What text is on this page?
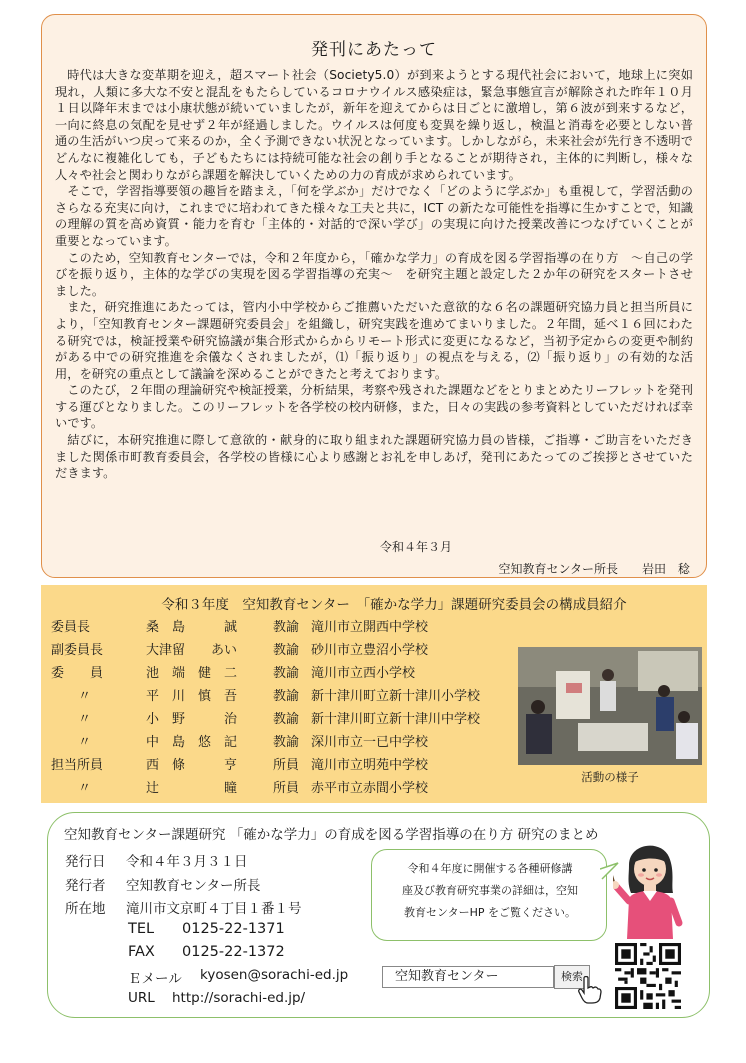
発刊にあたって

時代は大きな変革期を迎え，超スマート社会（Society5.0）が到来ようとする現代社会において，地球上に突如現れ，人類に多大な不安と混乱をもたらしているコロナウイルス感染症は，緊急事態宣言が解除された昨年１０月１日以降年末までは小康状態が続いていましたが，新年を迎えてからは日ごとに激増し，第６波が到来するなど，一向に終息の気配を見せず２年が経過しました。ウイルスは何度も変異を繰り返し，検温と消毒を必要としない普通の生活がいつ戻って来るのか，全く予測できない状況となっています。しかしながら，未来社会が先行き不透明でどんなに複雑化しても，子どもたちには持続可能な社会の創り手となることが期待され，主体的に判断し，様々な人々や社会と関わりながら課題を解決していくための力の育成が求められています。

そこで，学習指導要領の趣旨を踏まえ，「何を学ぶか」だけでなく「どのように学ぶか」も重視して，学習活動のさらなる充実に向け，これまでに培われてきた様々な工夫と共に，ICT の新たな可能性を指導に生かすことで，知識の理解の質を高め資質・能力を育む「主体的・対話的で深い学び」の実現に向けた授業改善につなげていくことが重要となっています。

このため，空知教育センターでは，令和２年度から，「確かな学力」の育成を図る学習指導の在り方　～自己の学びを振り返り，主体的な学びの実現を図る学習指導の充実～　を研究主題と設定した２か年の研究をスタートさせました。

また，研究推進にあたっては，管内小中学校からご推薦いただいた意欲的な６名の課題研究協力員と担当所員により，「空知教育センター課題研究委員会」を組織し，研究実践を進めてまいりました。２年間，延べ１６回にわたる研究では，検証授業や研究協議が集合形式からからリモート形式に変更になるなど，当初予定からの変更や制約がある中での研究推進を余儀なくされましたが，⑴「振り返り」の視点を与える，⑵「振り返り」の有効的な活用，を研究の重点として議論を深めることができたと考えております。

このたび，２年間の理論研究や検証授業，分析結果，考察や残された課題などをとりまとめたリーフレットを発刊する運びとなりました。このリーフレットを各学校の校内研修，また，日々の実践の参考資料としていただければ幸いです。

結びに，本研究推進に際して意欲的・献身的に取り組まれた課題研究協力員の皆様，ご指導・ご助言をいただきました関係市町教育委員会，各学校の皆様に心より感謝とお礼を申しあげ，発刊にあたってのご挨拶とさせていただきます。

令和４年３月
空知教育センター所長 岩田　稔
令和３年度　空知教育センター　「確かな学力」課題研究委員会の構成員紹介
委員長	桑　島　　　誠	教諭 滝川市立開西中学校
副委員長	大津留　　あい	教諭 砂川市立豊沼小学校
委　　員	池　端　健　二	教諭 滝川市立西小学校
〃	平　川　慎　吾	教諭 新十津川町立新十津川小学校
〃	小　野　　　治	教諭 新十津川町立新十津川中学校
〃	中　島　悠　記	教諭 深川市立一已中学校
担当所員	西　條　　　亨	所員 滝川市立明苑中学校
〃	辻　　　　　瞳	所員 赤平市立赤間小学校
活動の様子
空知教育センター課題研究 「確かな学力」の育成を図る学習指導の在り方 研究のまとめ
発行日 令和４年３月３１日
発行者 空知教育センター所長
所在地 滝川市文京町４丁目１番１号
TEL 0125-22-1371
FAX 0125-22-1372
Ｅメール kyosen@sorachi-ed.jp
URL http://sorachi-ed.jp/
令和４年度に開催する各種研修講
座及び教育研究事業の詳細は，空知
教育センターHP をご覧ください。
空知教育センター	検索
